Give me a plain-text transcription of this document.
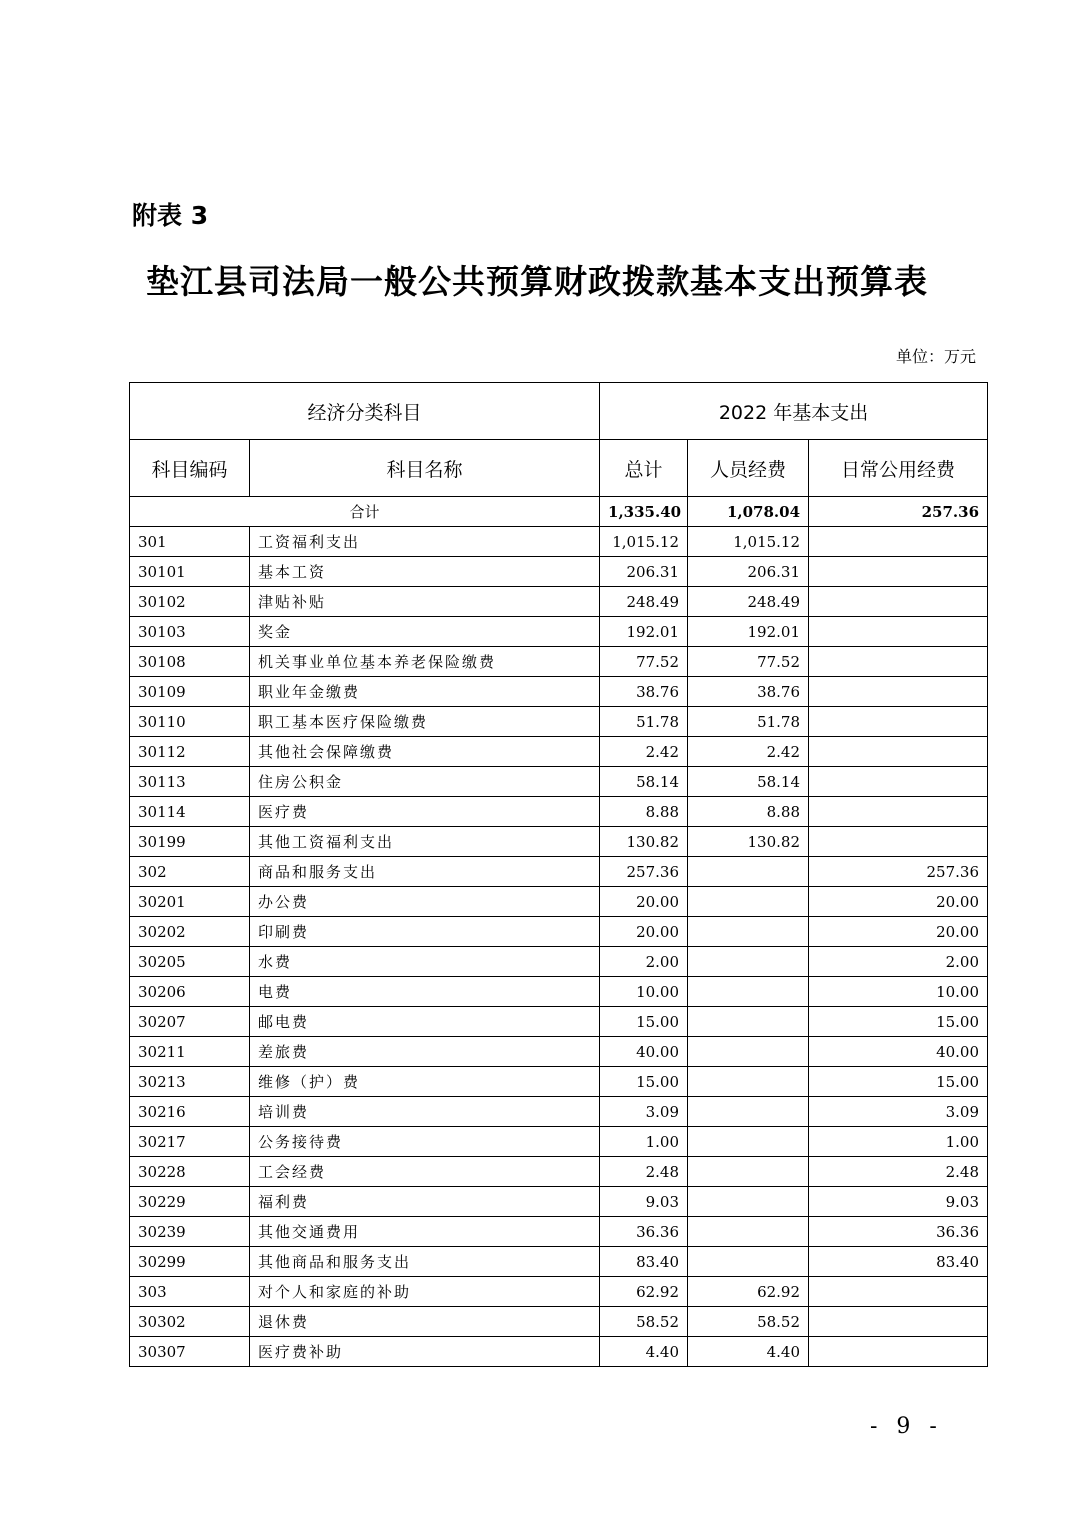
附表 3
垫江县司法局一般公共预算财政拨款基本支出预算表
单位：万元
经济分类科目		2022 年基本支出		
科目编码	科目名称	总计	人员经费	日常公用经费
合计		1,335.40	1,078.04	257.36
301	工资福利支出	1,015.12	1,015.12	
30101	基本工资	206.31	206.31	
30102	津贴补贴	248.49	248.49	
30103	奖金	192.01	192.01	
30108	机关事业单位基本养老保险缴费	77.52	77.52	
30109	职业年金缴费	38.76	38.76	
30110	职工基本医疗保险缴费	51.78	51.78	
30112	其他社会保障缴费	2.42	2.42	
30113	住房公积金	58.14	58.14	
30114	医疗费	8.88	8.88	
30199	其他工资福利支出	130.82	130.82	
302	商品和服务支出	257.36		257.36
30201	办公费	20.00		20.00
30202	印刷费	20.00		20.00
30205	水费	2.00		2.00
30206	电费	10.00		10.00
30207	邮电费	15.00		15.00
30211	差旅费	40.00		40.00
30213	维修（护）费	15.00		15.00
30216	培训费	3.09		3.09
30217	公务接待费	1.00		1.00
30228	工会经费	2.48		2.48
30229	福利费	9.03		9.03
30239	其他交通费用	36.36		36.36
30299	其他商品和服务支出	83.40		83.40
303	对个人和家庭的补助	62.92	62.92	
30302	退休费	58.52	58.52	
30307	医疗费补助	4.40	4.40	
- 9 -
